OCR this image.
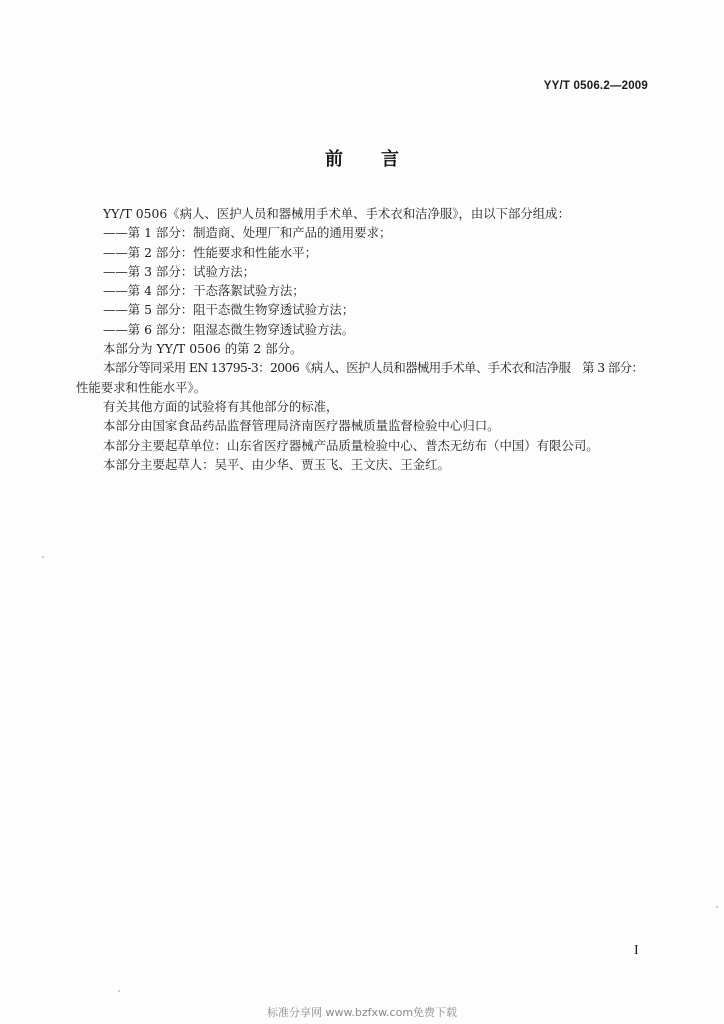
YY/T 0506.2—2009
前　言
YY/T 0506《病人、医护人员和器械用手术单、手术衣和洁净服》，由以下部分组成：
——第 1 部分：制造商、处理厂和产品的通用要求；
——第 2 部分：性能要求和性能水平；
——第 3 部分：试验方法；
——第 4 部分：干态落絮试验方法；
——第 5 部分：阻干态微生物穿透试验方法；
——第 6 部分：阻湿态微生物穿透试验方法。
本部分为 YY/T 0506 的第 2 部分。
本部分等同采用 EN 13795-3：2006《病人、医护人员和器械用手术单、手术衣和洁净服　第 3 部分：
性能要求和性能水平》。
有关其他方面的试验将有其他部分的标准，
本部分由国家食品药品监督管理局济南医疗器械质量监督检验中心归口。
本部分主要起草单位：山东省医疗器械产品质量检验中心、普杰无纺布（中国）有限公司。
本部分主要起草人：吴平、由少华、贾玉飞、王文庆、王金红。
I
标准分享网 www.bzfxw.com免费下载
